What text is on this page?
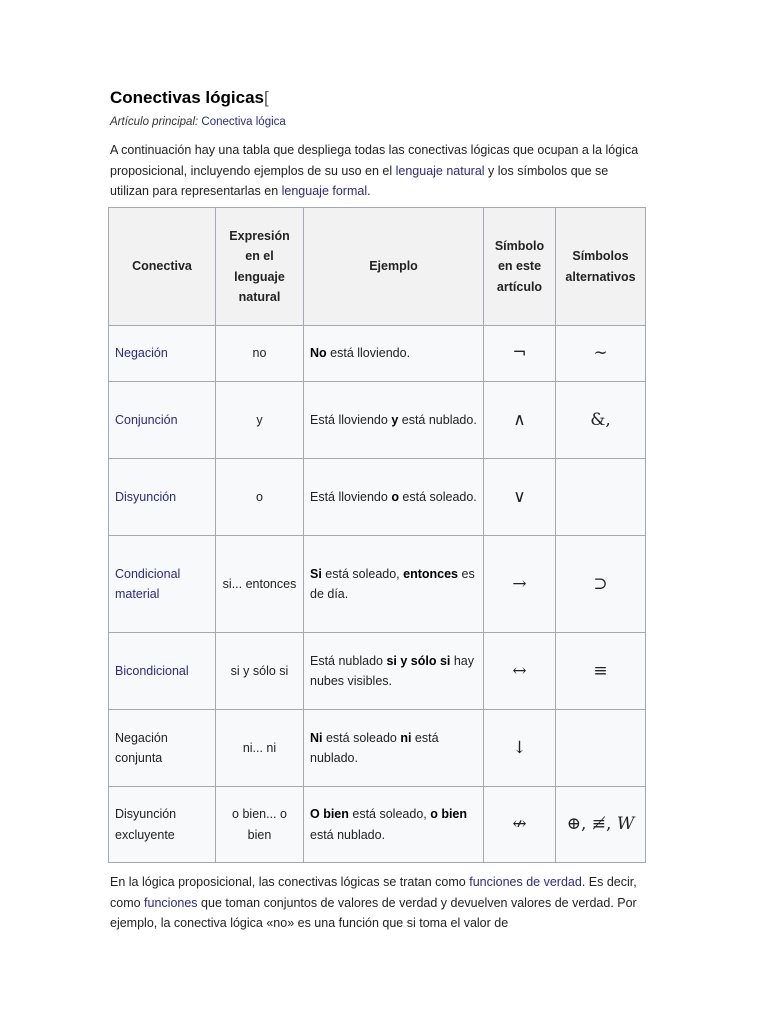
Conectivas lógicas[
Artículo principal: Conectiva lógica
A continuación hay una tabla que despliega todas las conectivas lógicas que ocupan a la lógica proposicional, incluyendo ejemplos de su uso en el lenguaje natural y los símbolos que se utilizan para representarlas en lenguaje formal.
Conectiva	Expresión en el lenguaje natural	Ejemplo	Símbolo en este artículo	Símbolos alternativos
Negación	no	No está lloviendo.	¬	∼
Conjunción	y	Está lloviendo y está nublado.	∧	&,
Disyunción	o	Está lloviendo o está soleado.	∨	
Condicional material	si... entonces	Si está soleado, entonces es de día.	→	⊃
Bicondicional	si y sólo si	Está nublado si y sólo si hay nubes visibles.	↔	≡
Negación conjunta	ni... ni	Ni está soleado ni está nublado.	↓	
Disyunción excluyente	o bien... o bien	O bien está soleado, o bien está nublado.	↮	⊕, ≢, W
En la lógica proposicional, las conectivas lógicas se tratan como funciones de verdad. Es decir, como funciones que toman conjuntos de valores de verdad y devuelven valores de verdad. Por ejemplo, la conectiva lógica «no» es una función que si toma el valor de
